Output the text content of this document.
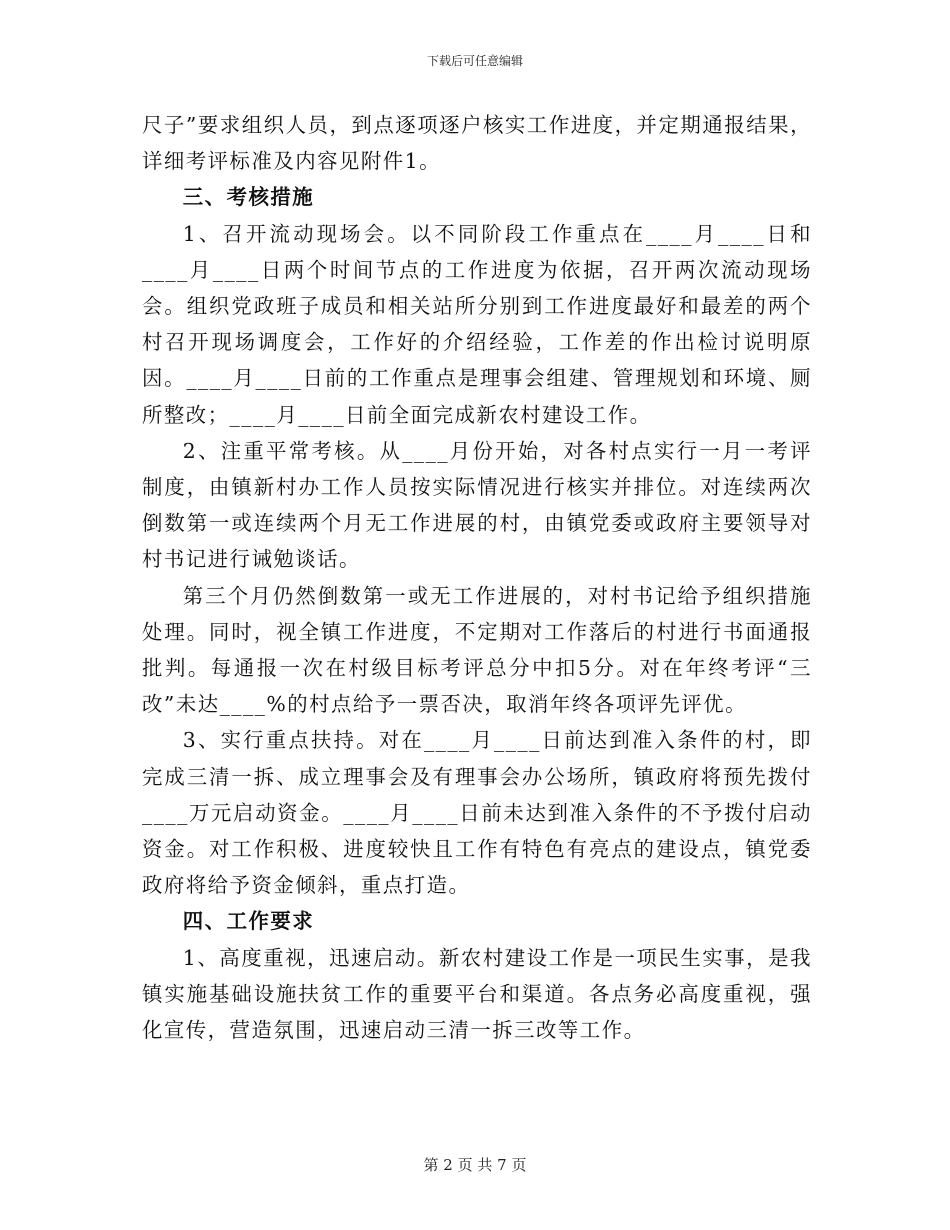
下载后可任意编辑

尺子”要求组织人员，到点逐项逐户核实工作进度，并定期通报结果，详细考评标准及内容见附件1。

三、考核措施

1、召开流动现场会。以不同阶段工作重点在____月____日和____月____日两个时间节点的工作进度为依据，召开两次流动现场会。组织党政班子成员和相关站所分别到工作进度最好和最差的两个村召开现场调度会，工作好的介绍经验，工作差的作出检讨说明原因。____月____日前的工作重点是理事会组建、管理规划和环境、厕所整改；____月____日前全面完成新农村建设工作。

2、注重平常考核。从____月份开始，对各村点实行一月一考评制度，由镇新村办工作人员按实际情况进行核实并排位。对连续两次倒数第一或连续两个月无工作进展的村，由镇党委或政府主要领导对村书记进行诫勉谈话。

第三个月仍然倒数第一或无工作进展的，对村书记给予组织措施处理。同时，视全镇工作进度，不定期对工作落后的村进行书面通报批判。每通报一次在村级目标考评总分中扣5分。对在年终考评“三改”未达____%的村点给予一票否决，取消年终各项评先评优。

3、实行重点扶持。对在____月____日前达到准入条件的村，即完成三清一拆、成立理事会及有理事会办公场所，镇政府将预先拨付____万元启动资金。____月____日前未达到准入条件的不予拨付启动资金。对工作积极、进度较快且工作有特色有亮点的建设点，镇党委政府将给予资金倾斜，重点打造。

四、工作要求

1、高度重视，迅速启动。新农村建设工作是一项民生实事，是我镇实施基础设施扶贫工作的重要平台和渠道。各点务必高度重视，强化宣传，营造氛围，迅速启动三清一拆三改等工作。

第 2 页 共 7 页
